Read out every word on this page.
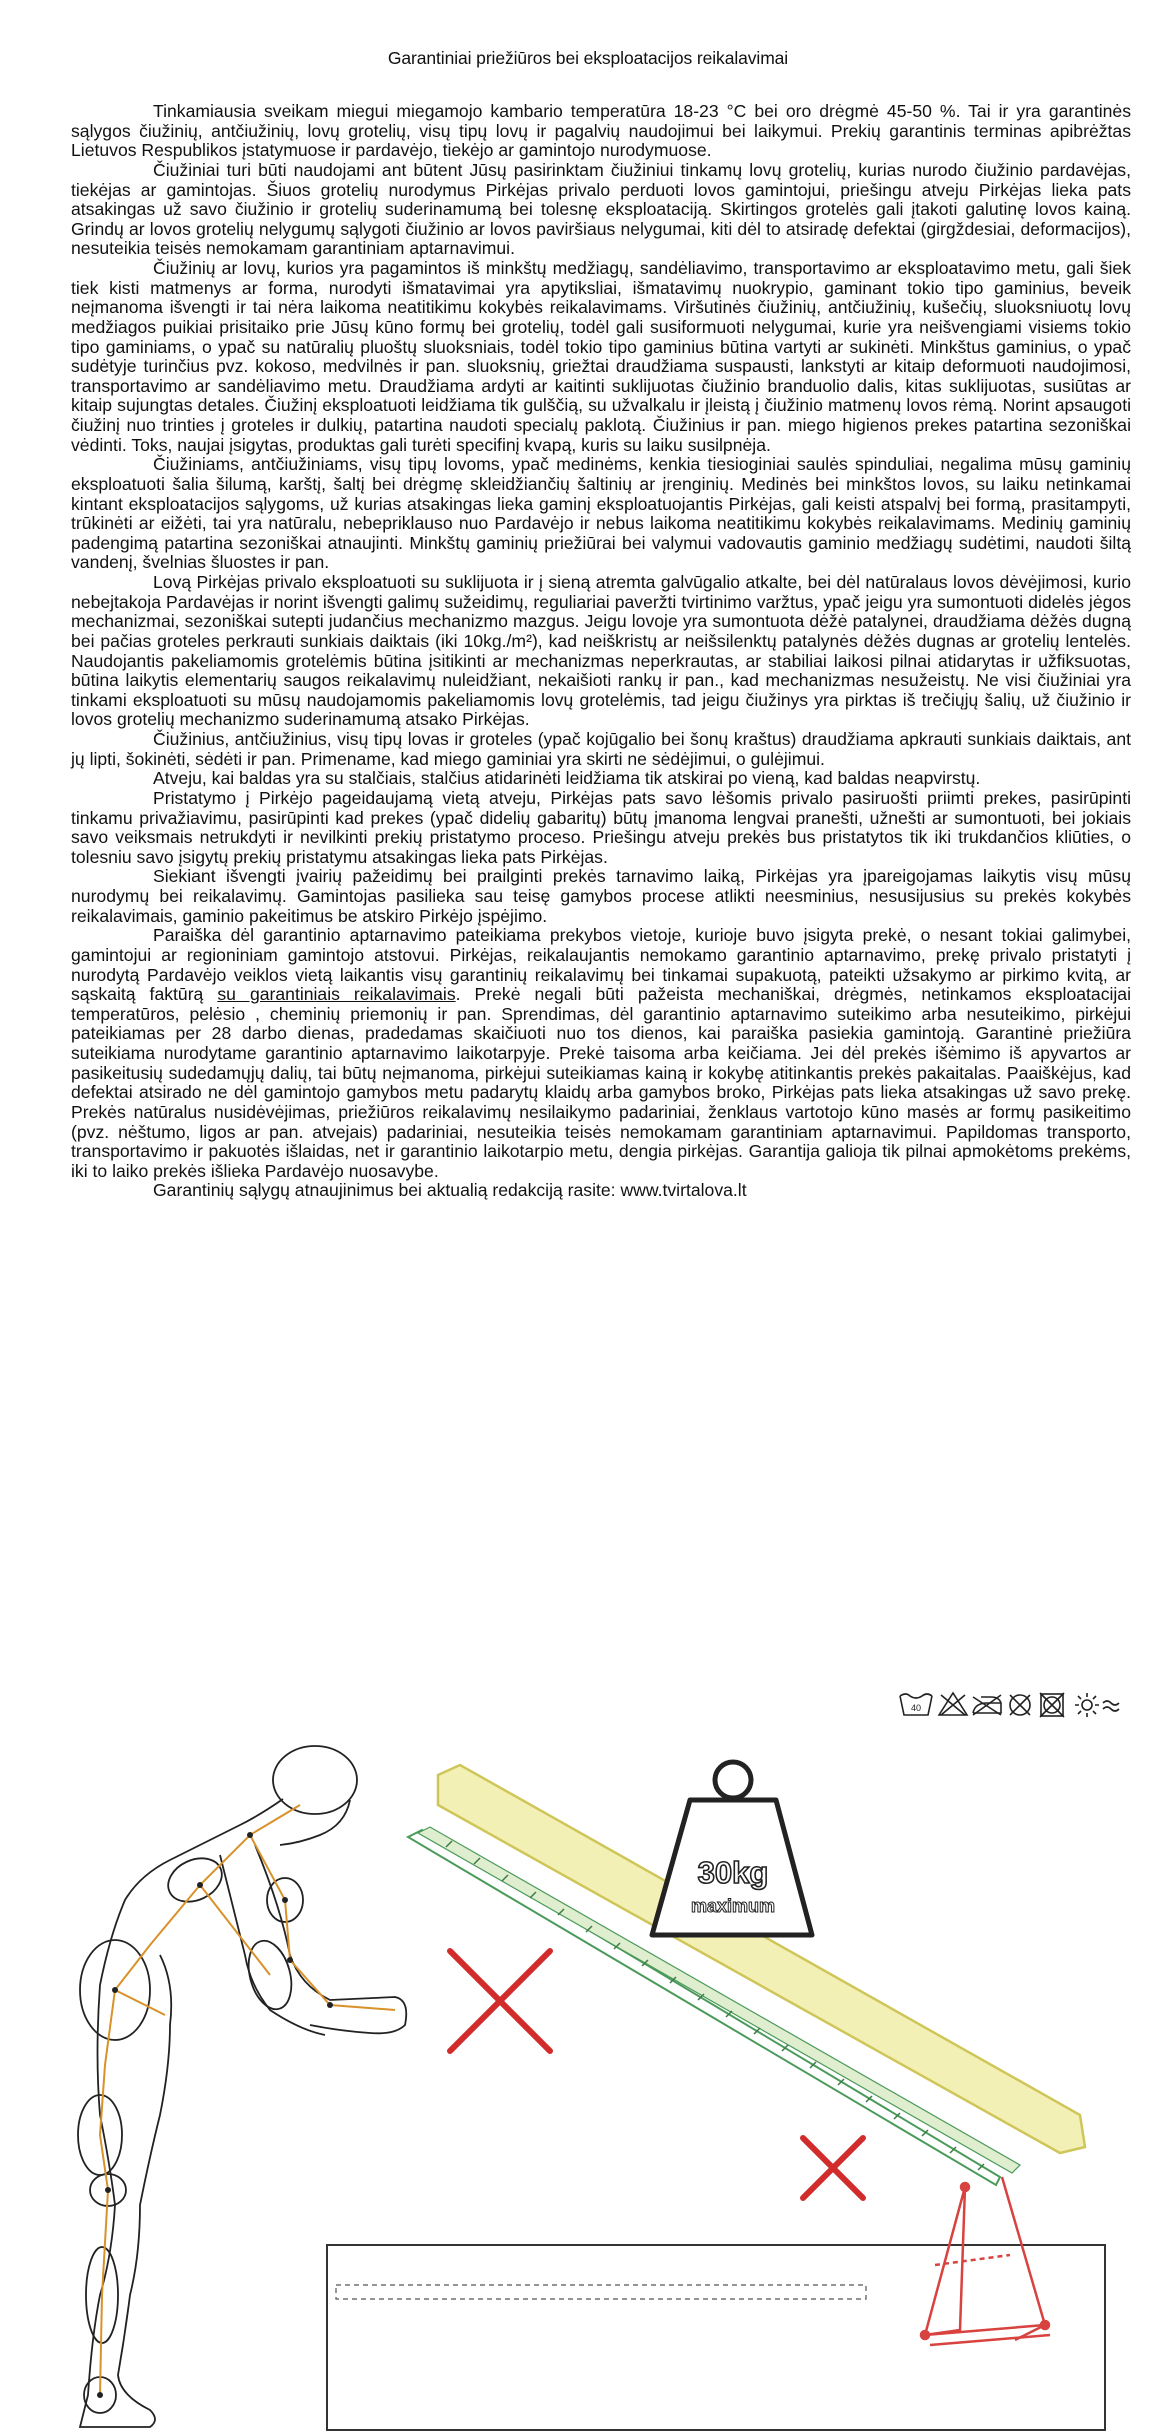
Garantiniai priežiūros bei eksploatacijos reikalavimai

Tinkamiausia sveikam miegui miegamojo kambario temperatūra 18-23 °C bei oro drėgmė 45-50 %. Tai ir yra garantinės sąlygos čiužinių, antčiužinių, lovų grotelių, visų tipų lovų ir pagalvių naudojimui bei laikymui. Prekių garantinis terminas apibrėžtas Lietuvos Respublikos įstatymuose ir pardavėjo, tiekėjo ar gamintojo nurodymuose.

Čiužiniai turi būti naudojami ant būtent Jūsų pasirinktam čiužiniui tinkamų lovų grotelių, kurias nurodo čiužinio pardavėjas, tiekėjas ar gamintojas. Šiuos grotelių nurodymus Pirkėjas privalo perduoti lovos gamintojui, priešingu atveju Pirkėjas lieka pats atsakingas už savo čiužinio ir grotelių suderinamumą bei tolesnę eksploataciją. Skirtingos grotelės gali įtakoti galutinę lovos kainą. Grindų ar lovos grotelių nelygumų sąlygoti čiužinio ar lovos paviršiaus nelygumai, kiti dėl to atsiradę defektai (girgždesiai, deformacijos), nesuteikia teisės nemokamam garantiniam aptarnavimui.

Čiužinių ar lovų, kurios yra pagamintos iš minkštų medžiagų, sandėliavimo, transportavimo ar eksploatavimo metu, gali šiek tiek kisti matmenys ar forma, nurodyti išmatavimai yra apytiksliai, išmatavimų nuokrypio, gaminant tokio tipo gaminius, beveik neįmanoma išvengti ir tai nėra laikoma neatitikimu kokybės reikalavimams. Viršutinės čiužinių, antčiužinių, kušečių, sluoksniuotų lovų medžiagos puikiai prisitaiko prie Jūsų kūno formų bei grotelių, todėl gali susiformuoti nelygumai, kurie yra neišvengiami visiems tokio tipo gaminiams, o ypač su natūralių pluoštų sluoksniais, todėl tokio tipo gaminius būtina vartyti ar sukinėti. Minkštus gaminius, o ypač sudėtyje turinčius pvz. kokoso, medvilnės ir pan. sluoksnių, griežtai draudžiama suspausti, lankstyti ar kitaip deformuoti naudojimosi, transportavimo ar sandėliavimo metu. Draudžiama ardyti ar kaitinti suklijuotas čiužinio branduolio dalis, kitas suklijuotas, susiūtas ar kitaip sujungtas detales. Čiužinį eksploatuoti leidžiama tik gulščią, su užvalkalu ir įleistą į čiužinio matmenų lovos rėmą. Norint apsaugoti čiužinį nuo trinties į groteles ir dulkių, patartina naudoti specialų paklotą. Čiužinius ir pan. miego higienos prekes patartina sezoniškai vėdinti. Toks, naujai įsigytas, produktas gali turėti specifinį kvapą, kuris su laiku susilpnėja.

Čiužiniams, antčiužiniams, visų tipų lovoms, ypač medinėms, kenkia tiesioginiai saulės spinduliai, negalima mūsų gaminių eksploatuoti šalia šilumą, karštį, šaltį bei drėgmę skleidžiančių šaltinių ar įrenginių. Medinės bei minkštos lovos, su laiku netinkamai kintant eksploatacijos sąlygoms, už kurias atsakingas lieka gaminį eksploatuojantis Pirkėjas, gali keisti atspalvį bei formą, prasitampyti, trūkinėti ar eižėti, tai yra natūralu, nebepriklauso nuo Pardavėjo ir nebus laikoma neatitikimu kokybės reikalavimams. Medinių gaminių padengimą patartina sezoniškai atnaujinti. Minkštų gaminių priežiūrai bei valymui vadovautis gaminio medžiagų sudėtimi, naudoti šiltą vandenį, švelnias šluostes ir pan.

Lovą Pirkėjas privalo eksploatuoti su suklijuota ir į sieną atremta galvūgalio atkalte, bei dėl natūralaus lovos dėvėjimosi, kurio nebejtakoja Pardavėjas ir norint išvengti galimų sužeidimų, reguliariai paveržti tvirtinimo varžtus, ypač jeigu yra sumontuoti didelės jėgos mechanizmai, sezoniškai sutepti judančius mechanizmo mazgus. Jeigu lovoje yra sumontuota dėžė patalynei, draudžiama dėžės dugną bei pačias groteles perkrauti sunkiais daiktais (iki 10kg./m²), kad neiškristų ar neišsilenktų patalynės dėžės dugnas ar grotelių lentelės. Naudojantis pakeliamomis grotelėmis būtina įsitikinti ar mechanizmas neperkrautas, ar stabiliai laikosi pilnai atidarytas ir užfiksuotas, būtina laikytis elementarių saugos reikalavimų nuleidžiant, nekaišioti rankų ir pan., kad mechanizmas nesužeistų. Ne visi čiužiniai yra tinkami eksploatuoti su mūsų naudojamomis pakeliamomis lovų grotelėmis, tad jeigu čiužinys yra pirktas iš trečiųjų šalių, už čiužinio ir lovos grotelių mechanizmo suderinamumą atsako Pirkėjas.

Čiužinius, antčiužinius, visų tipų lovas ir groteles (ypač kojūgalio bei šonų kraštus) draudžiama apkrauti sunkiais daiktais, ant jų lipti, šokinėti, sėdėti ir pan. Primename, kad miego gaminiai yra skirti ne sėdėjimui, o gulėjimui.

Atveju, kai baldas yra su stalčiais, stalčius atidarinėti leidžiama tik atskirai po vieną, kad baldas neapvirstų.

Pristatymo į Pirkėjo pageidaujamą vietą atveju, Pirkėjas pats savo lėšomis privalo pasiruošti priimti prekes, pasirūpinti tinkamu privažiavimu, pasirūpinti kad prekes (ypač didelių gabaritų) būtų įmanoma lengvai pranešti, užnešti ar sumontuoti, bei jokiais savo veiksmais netrukdyti ir nevilkinti prekių pristatymo proceso. Priešingu atveju prekės bus pristatytos tik iki trukdančios kliūties, o tolesniu savo įsigytų prekių pristatymu atsakingas lieka pats Pirkėjas.

Siekiant išvengti įvairių pažeidimų bei prailginti prekės tarnavimo laiką, Pirkėjas yra įpareigojamas laikytis visų mūsų nurodymų bei reikalavimų. Gamintojas pasilieka sau teisę gamybos procese atlikti neesminius, nesusijusius su prekės kokybės reikalavimais, gaminio pakeitimus be atskiro Pirkėjo įspėjimo.

Paraiška dėl garantinio aptarnavimo pateikiama prekybos vietoje, kurioje buvo įsigyta prekė, o nesant tokiai galimybei, gamintojui ar regioniniam gamintojo atstovui. Pirkėjas, reikalaujantis nemokamo garantinio aptarnavimo, prekę privalo pristatyti į nurodytą Pardavėjo veiklos vietą laikantis visų garantinių reikalavimų bei tinkamai supakuotą, pateikti užsakymo ar pirkimo kvitą, ar sąskaitą faktūrą su garantiniais reikalavimais. Prekė negali būti pažeista mechaniškai, drėgmės, netinkamos eksploatacijai temperatūros, pelėsio , cheminių priemonių ir pan. Sprendimas, dėl garantinio aptarnavimo suteikimo arba nesuteikimo, pirkėjui pateikiamas per 28 darbo dienas, pradedamas skaičiuoti nuo tos dienos, kai paraiška pasiekia gamintoją. Garantinė priežiūra suteikiama nurodytame garantinio aptarnavimo laikotarpyje. Prekė taisoma arba keičiama. Jei dėl prekės išėmimo iš apyvartos ar pasikeitusių sudedamųjų dalių, tai būtų neįmanoma, pirkėjui suteikiamas kainą ir kokybę atitinkantis prekės pakaitalas. Paaiškėjus, kad defektai atsirado ne dėl gamintojo gamybos metu padarytų klaidų arba gamybos broko, Pirkėjas pats lieka atsakingas už savo prekę. Prekės natūralus nusidėvėjimas, priežiūros reikalavimų nesilaikymo padariniai, ženklaus vartotojo kūno masės ar formų pasikeitimo (pvz. nėštumo, ligos ar pan. atvejais) padariniai, nesuteikia teisės nemokamam garantiniam aptarnavimui. Papildomas transporto, transportavimo ir pakuotės išlaidas, net ir garantinio laikotarpio metu, dengia pirkėjas. Garantija galioja tik pilnai apmokėtoms prekėms, iki to laiko prekės išlieka Pardavėjo nuosavybe.

Garantinių sąlygų atnaujinimus bei aktualią redakciją rasite: www.tvirtalova.lt

40
30kg
maximum
